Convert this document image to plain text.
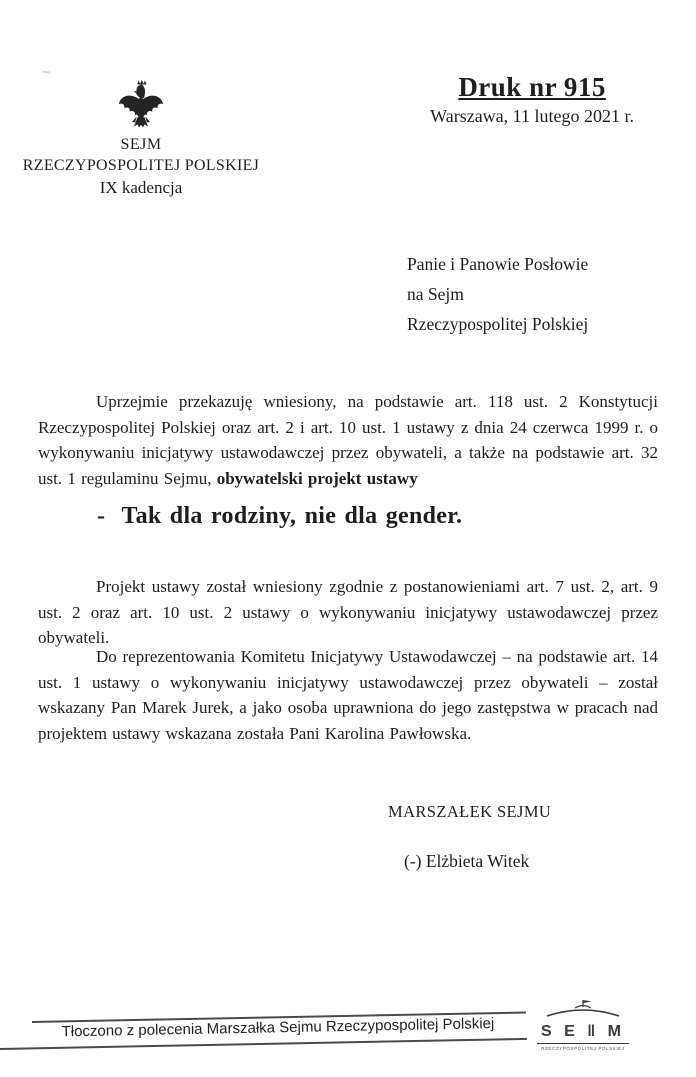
SEJM
RZECZYPOSPOLITEJ POLSKIEJ
IX kadencja
Druk nr 915
Warszawa, 11 lutego 2021 r.
Panie i Panowie Posłowie
na Sejm
Rzeczypospolitej Polskiej

Uprzejmie przekazuję wniesiony, na podstawie art. 118 ust. 2 Konstytucji Rzeczypospolitej Polskiej oraz art. 2 i art. 10 ust. 1 ustawy z dnia 24 czerwca 1999 r. o wykonywaniu inicjatywy ustawodawczej przez obywateli, a także na podstawie art. 32 ust. 1 regulaminu Sejmu, obywatelski projekt ustawy

-  Tak dla rodziny, nie dla gender.

Projekt ustawy został wniesiony zgodnie z postanowieniami art. 7 ust. 2, art. 9 ust. 2 oraz art. 10 ust. 2 ustawy o wykonywaniu inicjatywy ustawodawczej przez obywateli.

Do reprezentowania Komitetu Inicjatywy Ustawodawczej – na podstawie art. 14 ust. 1 ustawy o wykonywaniu inicjatywy ustawodawczej przez obywateli – został wskazany Pan Marek Jurek, a jako osoba uprawniona do jego zastępstwa w pracach nad projektem ustawy wskazana została Pani Karolina Pawłowska.

MARSZAŁEK SEJMU
(-) Elżbieta Witek
Tłoczono z polecenia Marszałka Sejmu Rzeczypospolitej Polskiej	S E ‖ M
RZECZYPOSPOLITEJ POLSKIEJ
